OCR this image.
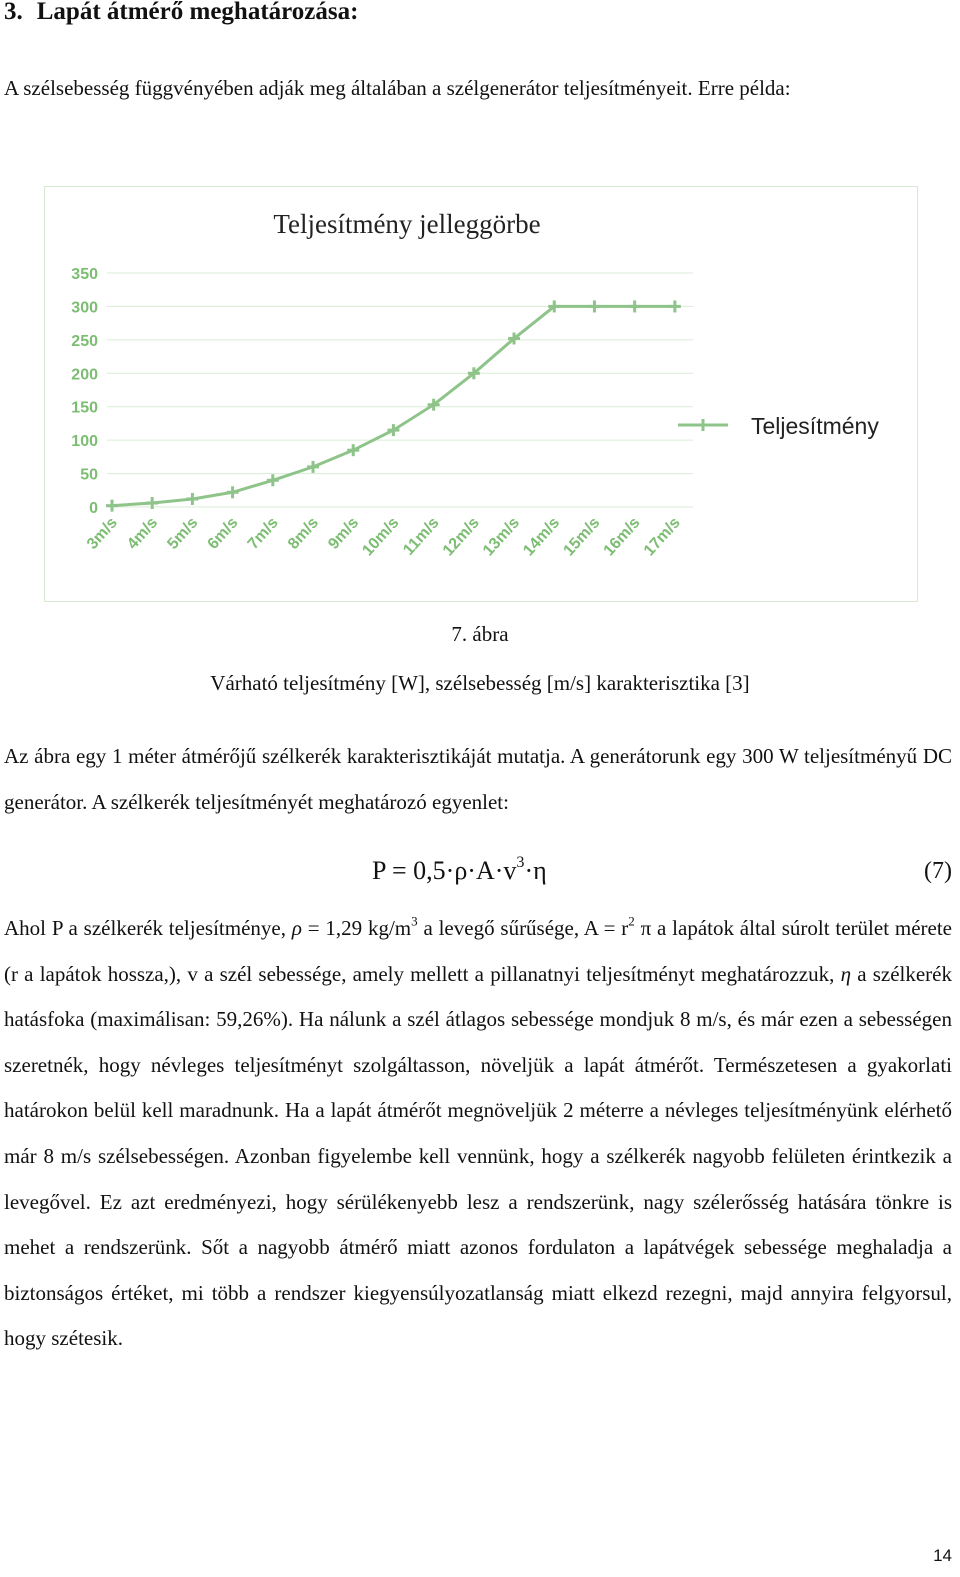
3. Lapát átmérő meghatározása:

A szélsebesség függvényében adják meg általában a szélgenerátor teljesítményeit. Erre példa:

Teljesítmény jelleggörbe
0
50
100
150
200
250
300
350
3m/s 4m/s 5m/s 6m/s 7m/s 8m/s 9m/s
10m/s
11m/s
12m/s
13m/s
14m/s
15m/s
16m/s
17m/s
Teljesítmény

7. ábra

Várható teljesítmény [W], szélsebesség [m/s] karakterisztika [3]

Az ábra egy 1 méter átmérőjű szélkerék karakterisztikáját mutatja. A generátorunk egy 300 W teljesítményű DC generátor. A szélkerék teljesítményét meghatározó egyenlet:

$P = 0,5\cdot\rho\cdot A\cdot v^3\cdot\eta$	(7)

Ahol P a szélkerék teljesítménye, ρ = 1,29 $kg/m^3$ a levegő sűrűsége, $A = r^2$ π a lapátok által súrolt terület mérete (r a lapátok hossza,), v a szél sebessége, amely mellett a pillanatnyi teljesítményt meghatározzuk, η a szélkerék hatásfoka (maximálisan: 59,26%). Ha nálunk a szél átlagos sebessége mondjuk 8 m/s, és már ezen a sebességen szeretnék, hogy névleges teljesítményt szolgáltasson, növeljük a lapát átmérőt. Természetesen a gyakorlati határokon belül kell maradnunk. Ha a lapát átmérőt megnöveljük 2 méterre a névleges teljesítményünk elérhető már 8 m/s szélsebességen. Azonban figyelembe kell vennünk, hogy a szélkerék nagyobb felületen érintkezik a levegővel. Ez azt eredményezi, hogy sérülékenyebb lesz a rendszerünk, nagy szélerősség hatására tönkre is mehet a rendszerünk. Sőt a nagyobb átmérő miatt azonos fordulaton a lapátvégek sebessége meghaladja a biztonságos értéket, mi több a rendszer kiegyensúlyozatlanság miatt elkezd rezegni, majd annyira felgyorsul, hogy szétesik.

14
